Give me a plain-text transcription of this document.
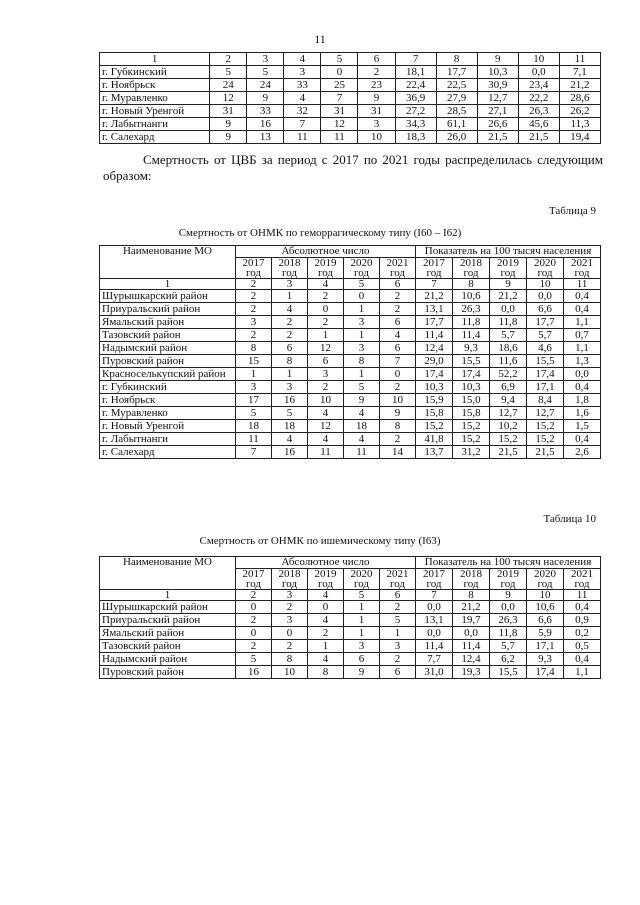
11
1	2	3	4	5	6	7	8	9	10	11
г. Губкинский	5	5	3	0	2	18,1	17,7	10,3	0,0	7,1
г. Ноябрьск	24	24	33	25	23	22,4	22,5	30,9	23,4	21,2
г. Муравленко	12	9	4	7	9	36,9	27,9	12,7	22,2	28,6
г. Новый Уренгой	31	33	32	31	31	27,2	28,5	27,1	26,3	26,2
г. Лабытнанги	9	16	7	12	3	34,3	61,1	26,6	45,6	11,3
г. Салехард	9	13	11	11	10	18,3	26,0	21,5	21,5	19,4
Смертность от ЦВБ за период с 2017 по 2021 годы распределилась следующим образом:
Таблица 9
Смертность от ОНМК по геморрагическому типу (I60 – I62)
Наименование МО	Абсолютное число					Показатель на 100 тысяч населения				
	2017 год	2018 год	2019 год	2020 год	2021 год	2017 год	2018 год	2019 год	2020 год	2021 год
1	2	3	4	5	6	7	8	9	10	11
Шурышкарский район	2	1	2	0	2	21,2	10,6	21,2	0,0	0,4
Приуральский район	2	4	0	1	2	13,1	26,3	0,0	6,6	0,4
Ямальский район	3	2	2	3	6	17,7	11,8	11,8	17,7	1,1
Тазовский район	2	2	1	1	4	11,4	11,4	5,7	5,7	0,7
Надымский район	8	6	12	3	6	12,4	9,3	18,6	4,6	1,1
Пуровский район	15	8	6	8	7	29,0	15,5	11,6	15,5	1,3
Красноселькупский район	1	1	3	1	0	17,4	17,4	52,2	17,4	0,0
г. Губкинский	3	3	2	5	2	10,3	10,3	6,9	17,1	0,4
г. Ноябрьск	17	16	10	9	10	15,9	15,0	9,4	8,4	1,8
г. Муравленко	5	5	4	4	9	15,8	15,8	12,7	12,7	1,6
г. Новый Уренгой	18	18	12	18	8	15,2	15,2	10,2	15,2	1,5
г. Лабытнанги	11	4	4	4	2	41,8	15,2	15,2	15,2	0,4
г. Салехард	7	16	11	11	14	13,7	31,2	21,5	21,5	2,6
Таблица 10
Смертность от ОНМК по ишемическому типу (I63)
Наименование МО	Абсолютное число					Показатель на 100 тысяч населения				
	2017 год	2018 год	2019 год	2020 год	2021 год	2017 год	2018 год	2019 год	2020 год	2021 год
1	2	3	4	5	6	7	8	9	10	11
Шурышкарский район	0	2	0	1	2	0,0	21,2	0,0	10,6	0,4
Приуральский район	2	3	4	1	5	13,1	19,7	26,3	6,6	0,9
Ямальский район	0	0	2	1	1	0,0	0,0	11,8	5,9	0,2
Тазовский район	2	2	1	3	3	11,4	11,4	5,7	17,1	0,5
Надымский район	5	8	4	6	2	7,7	12,4	6,2	9,3	0,4
Пуровский район	16	10	8	9	6	31,0	19,3	15,5	17,4	1,1
